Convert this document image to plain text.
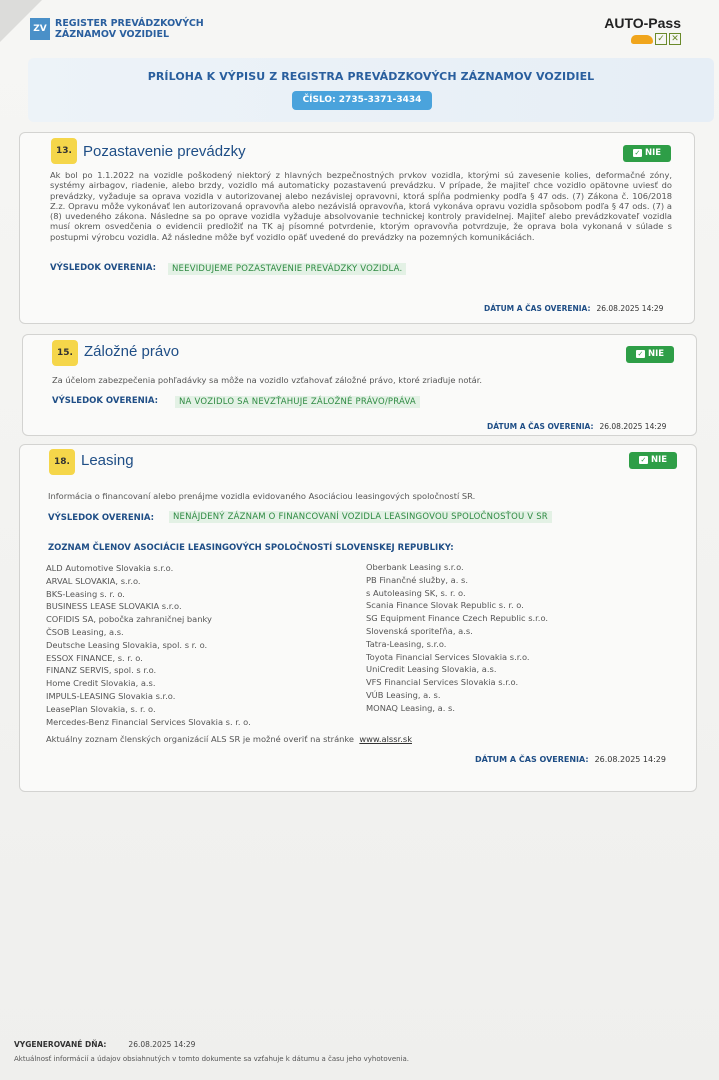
ZV REGISTER PREVÁDZKOVÝCH
ZÁZNAMOV VOZIDIEL
AUTO-Pass
✓ ✕
PRÍLOHA K VÝPISU Z REGISTRA PREVÁDZKOVÝCH ZÁZNAMOV VOZIDIEL
ČÍSLO: 2735-3371-3434
13. Pozastavenie prevádzky	✓ NIE
Ak bol po 1.1.2022 na vozidle poškodený niektorý z hlavných bezpečnostných prvkov vozidla, ktorými sú zavesenie kolies, deformačné zóny, systémy airbagov, riadenie, alebo brzdy, vozidlo má automaticky pozastavenú prevádzku. V prípade, že majiteľ chce vozidlo opätovne uviesť do prevádzky, vyžaduje sa oprava vozidla v autorizovanej alebo nezávislej opravovni, ktorá spĺňa podmienky podľa § 47 ods. (7) Zákona č. 106/2018 Z.z. Opravu môže vykonávať len autorizovaná opravovňa alebo nezávislá opravovňa, ktorá vykonáva opravu vozidla spôsobom podľa § 47 ods. (7) a (8) uvedeného zákona. Následne sa po oprave vozidla vyžaduje absolvovanie technickej kontroly pravidelnej. Majiteľ alebo prevádzkovateľ vozidla musí okrem osvedčenia o evidencii predložiť na TK aj písomné potvrdenie, ktorým opravovňa potvrdzuje, že oprava bola vykonaná v súlade s postupmi výrobcu vozidla. Až následne môže byť vozidlo opäť uvedené do prevádzky na pozemných komunikáciách.
VÝSLEDOK OVERENIA:	NEEVIDUJEME POZASTAVENIE PREVÁDZKY VOZIDLA.
DÁTUM A ČAS OVERENIA: 26.08.2025 14:29
15. Záložné právo	✓ NIE
Za účelom zabezpečenia pohľadávky sa môže na vozidlo vzťahovať záložné právo, ktoré zriaďuje notár.
VÝSLEDOK OVERENIA:	NA VOZIDLO SA NEVZŤAHUJE ZÁLOŽNÉ PRÁVO/PRÁVA
DÁTUM A ČAS OVERENIA: 26.08.2025 14:29
18. Leasing	✓ NIE
Informácia o financovaní alebo prenájme vozidla evidovaného Asociáciou leasingových spoločností SR.
VÝSLEDOK OVERENIA:	NENÁJDENÝ ZÁZNAM O FINANCOVANÍ VOZIDLA LEASINGOVOU SPOLOČNOSŤOU V SR
ZOZNAM ČLENOV ASOCIÁCIE LEASINGOVÝCH SPOLOČNOSTÍ SLOVENSKEJ REPUBLIKY:
ALD Automotive Slovakia s.r.o.
ARVAL SLOVAKIA, s.r.o.
BKS-Leasing s. r. o.
BUSINESS LEASE SLOVAKIA s.r.o.
COFIDIS SA, pobočka zahraničnej banky
ČSOB Leasing, a.s.
Deutsche Leasing Slovakia, spol. s r. o.
ESSOX FINANCE, s. r. o.
FINANZ SERVIS, spol. s r.o.
Home Credit Slovakia, a.s.
IMPULS-LEASING Slovakia s.r.o.
LeasePlan Slovakia, s. r. o.
Mercedes-Benz Financial Services Slovakia s. r. o.
Oberbank Leasing s.r.o.
PB Finančné služby, a. s.
s Autoleasing SK, s. r. o.
Scania Finance Slovak Republic s. r. o.
SG Equipment Finance Czech Republic s.r.o.
Slovenská sporiteľňa, a.s.
Tatra-Leasing, s.r.o.
Toyota Financial Services Slovakia s.r.o.
UniCredit Leasing Slovakia, a.s.
VFS Financial Services Slovakia s.r.o.
VÚB Leasing, a. s.
MONAQ Leasing, a. s.
Aktuálny zoznam členských organizácií ALS SR je možné overiť na stránke www.alssr.sk
DÁTUM A ČAS OVERENIA: 26.08.2025 14:29
VYGENEROVANÉ DŇA:	26.08.2025 14:29
Aktuálnosť informácií a údajov obsiahnutých v tomto dokumente sa vzťahuje k dátumu a času jeho vyhotovenia.
